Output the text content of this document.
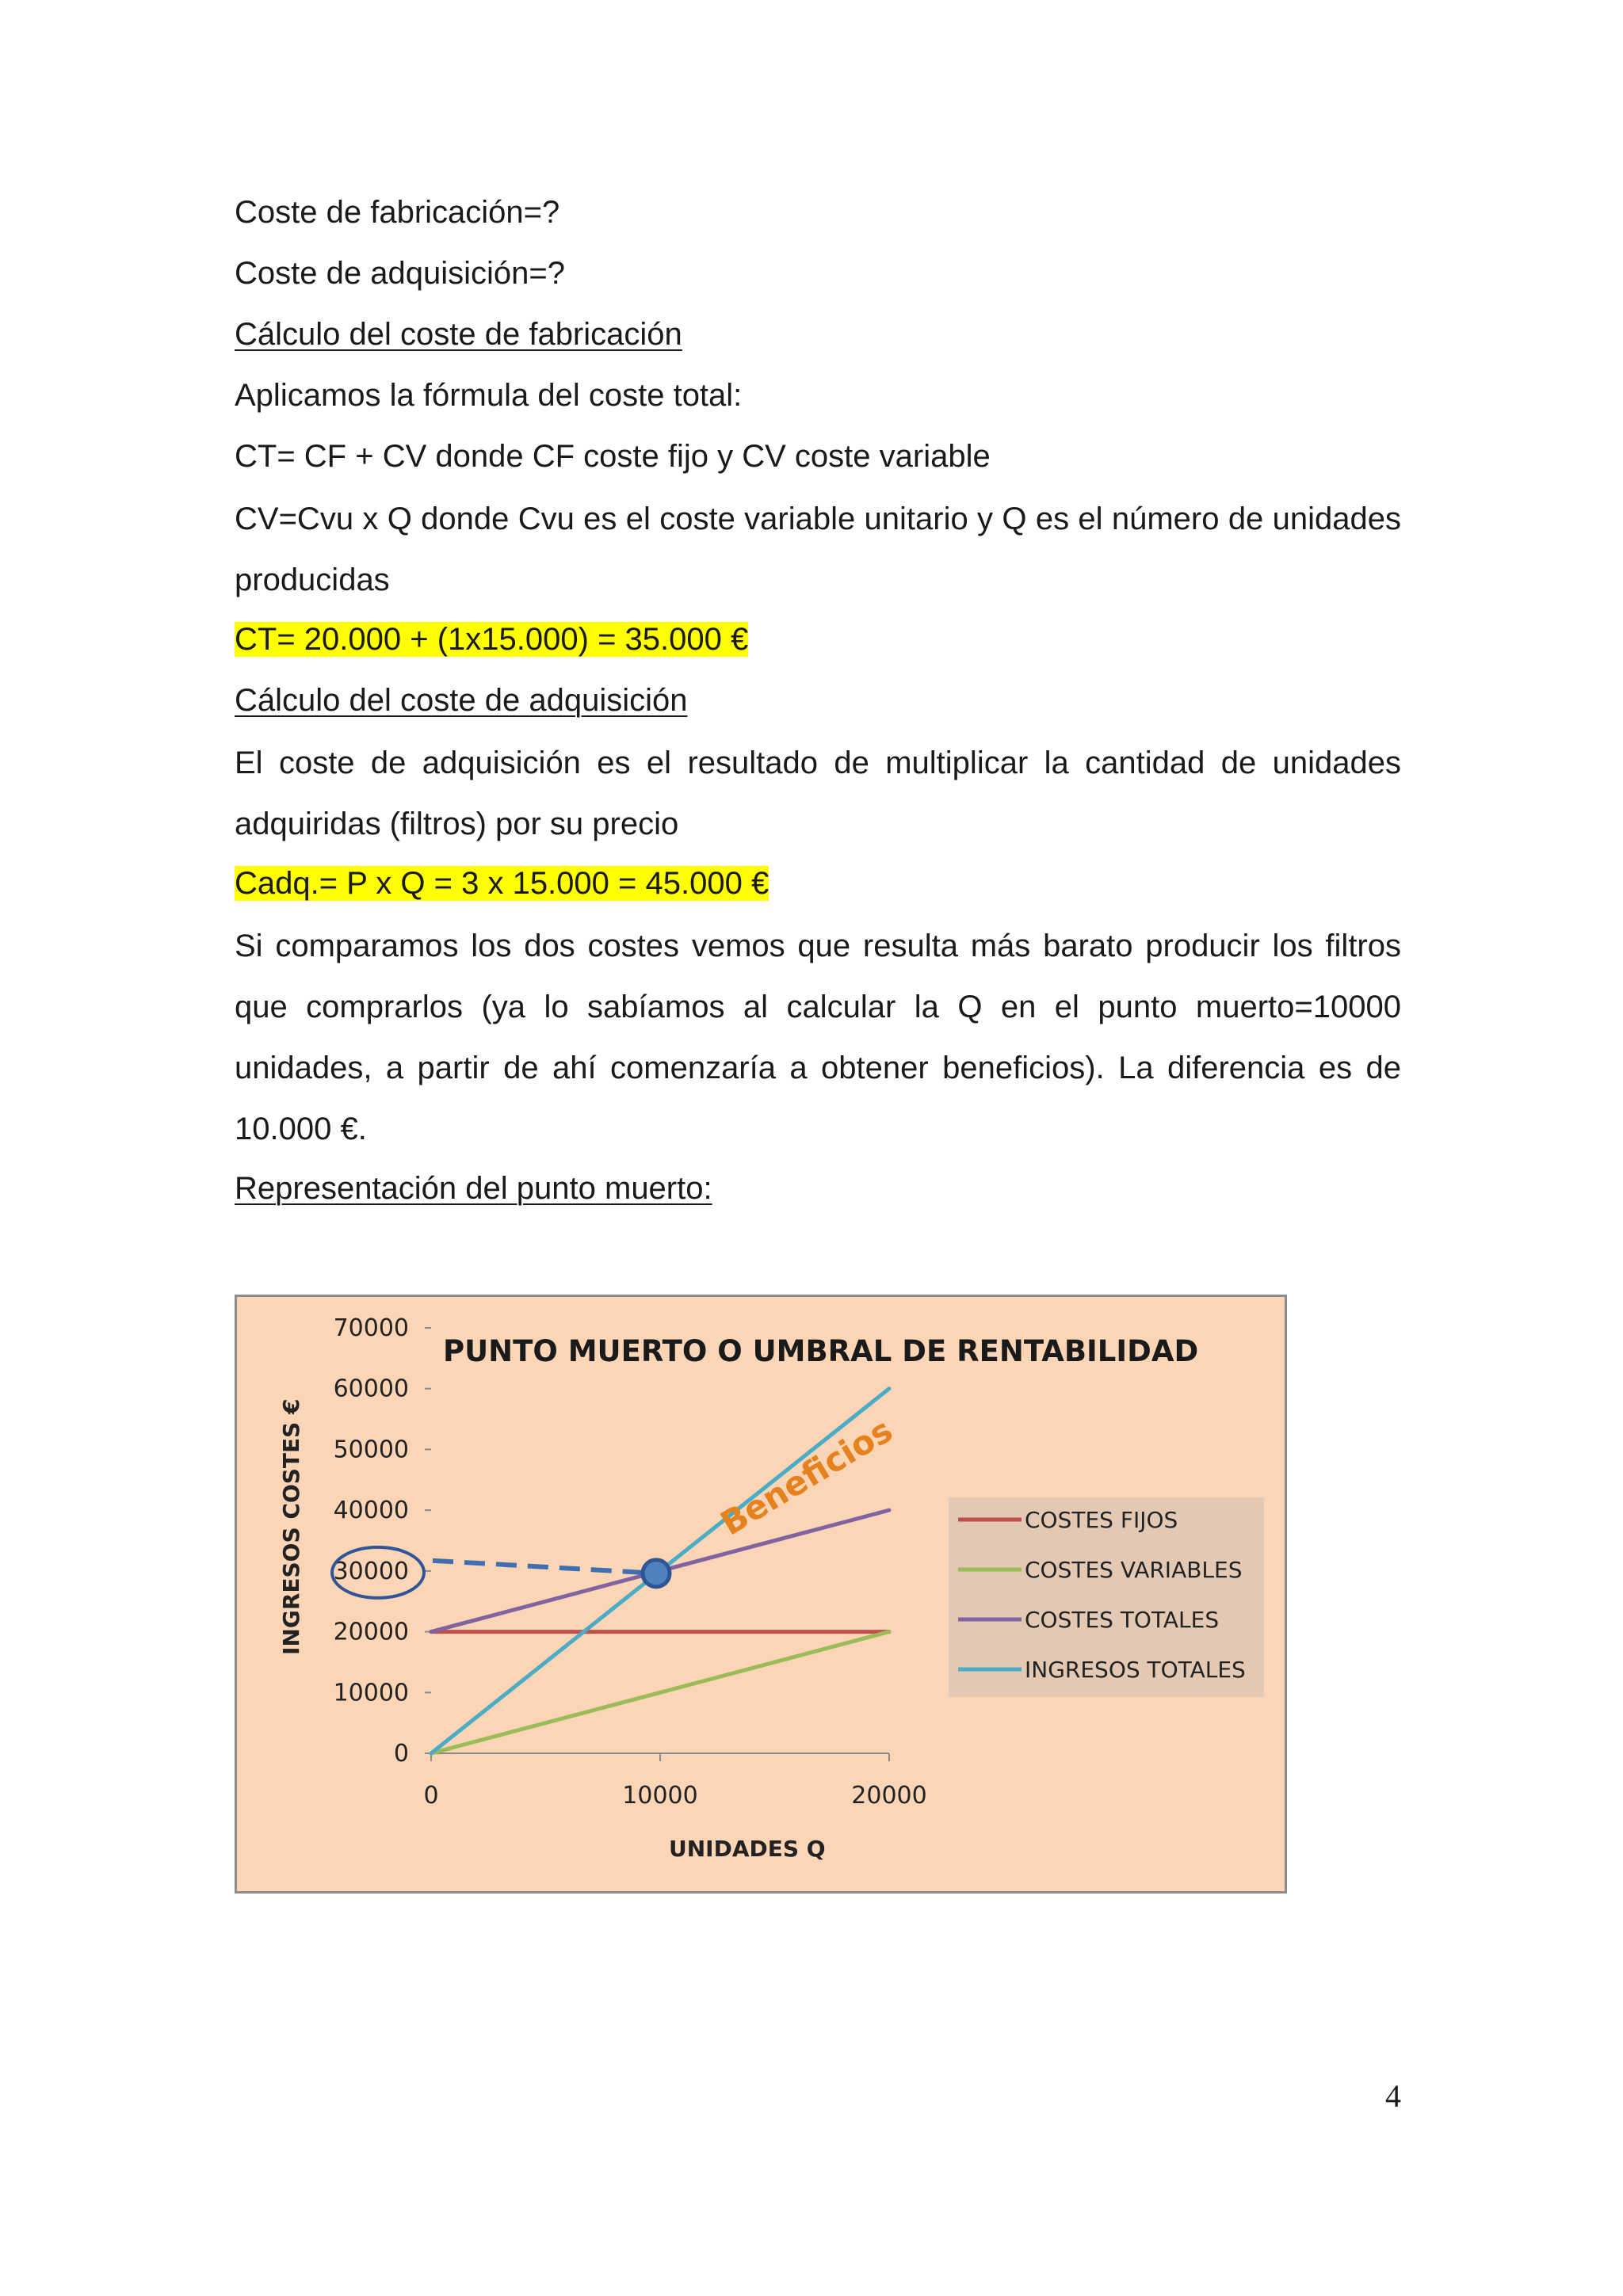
Coste de fabricación=?
Coste de adquisición=?
Cálculo del coste de fabricación
Aplicamos la fórmula del coste total:
CT= CF + CV donde CF coste fijo y CV coste variable
CV=Cvu x Q donde Cvu es el coste variable unitario y Q es el número de unidades producidas
CT= 20.000 + (1x15.000) = 35.000 €
Cálculo del coste de adquisición
El coste de adquisición es el resultado de multiplicar la cantidad de unidades adquiridas (filtros) por su precio
Cadq.= P x Q = 3 x 15.000 = 45.000 €
Si comparamos los dos costes vemos que resulta más barato producir los filtros que comprarlos (ya lo sabíamos al calcular la Q en el punto muerto=10000 unidades, a partir de ahí comenzaría a obtener beneficios). La diferencia es de 10.000 €.
Representación del punto muerto:
0
10000
20000
30000
40000
50000
60000
70000
0	10000	20000
Beneficios
PUNTO MUERTO O UMBRAL DE RENTABILIDAD
UNIDADES Q
INGRESOS COSTES €	COSTES FIJOS
COSTES VARIABLES
COSTES TOTALES
INGRESOS TOTALES
4
